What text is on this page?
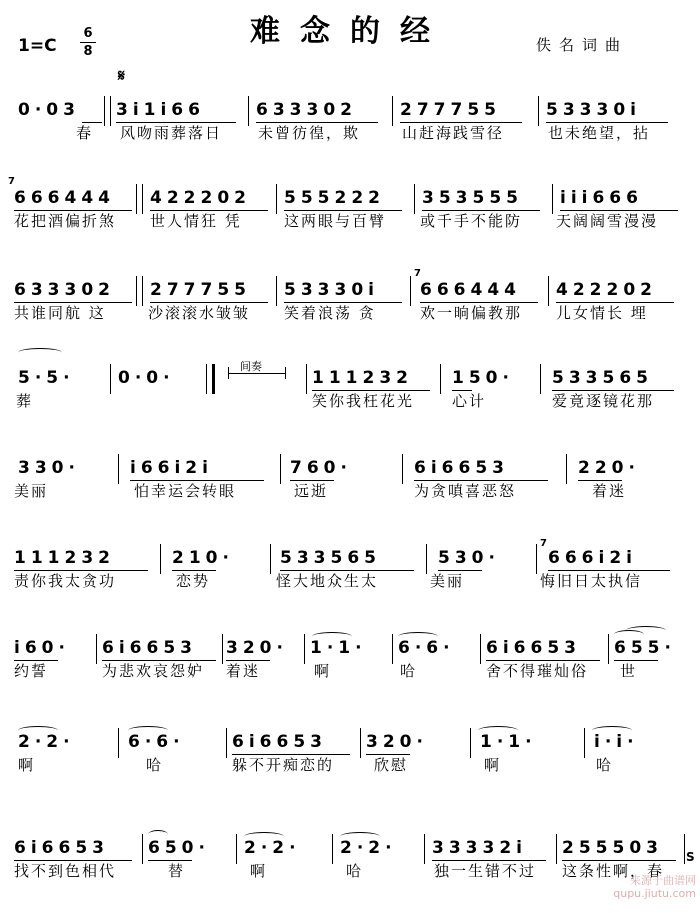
难念的经
1=C
6
8	佚名词曲
𝄋
0·03 3i1i66	633302	277755	53330i
春 风吻雨葬落日 未曾彷徨，欺	山赶海践雪径	也未绝望，拈
7
666444 422202 555222 353555 iii666
花把酒偏折煞 世人情狂 凭	这两眼与百臂 或千手不能防 天阔阔雪漫漫
633302 277755 53330i
7
666444 422202
共谁同航 这	沙滚滚水皱皱 笑着浪荡 贪	欢一晌偏教那 儿女情长 埋
5·5·	0·0·	111232 150· 533565
葬	笑你我枉花光	心计	爱竟逐镜花那
间奏
330·	i66i2i	760·	6i6653	220·
美丽	怕幸运会转眼	远逝	为贪嗔喜恶怒	着迷
7
111232	210·	533565	530·	666i2i
责你我太贪功	恋势	怪大地众生太	美丽	悔旧日太执信
i60· 6i6653 320· 1·1· 6·6· 6i6653 655·
约誓	为悲欢哀怨妒 着迷	啊	哈	舍不得璀灿俗 世
2·2·	6·6·	6i6653 320·	1·1·	i·i·
啊	哈	躲不开痴恋的	欣慰	啊	哈
6i6653 650· 2·2· 2·2· 33332i 255503
找不到色相代	替	啊	哈	独一生错不过 这条性啊，春
S
来源于曲谱网
qupu.jiutu.com
